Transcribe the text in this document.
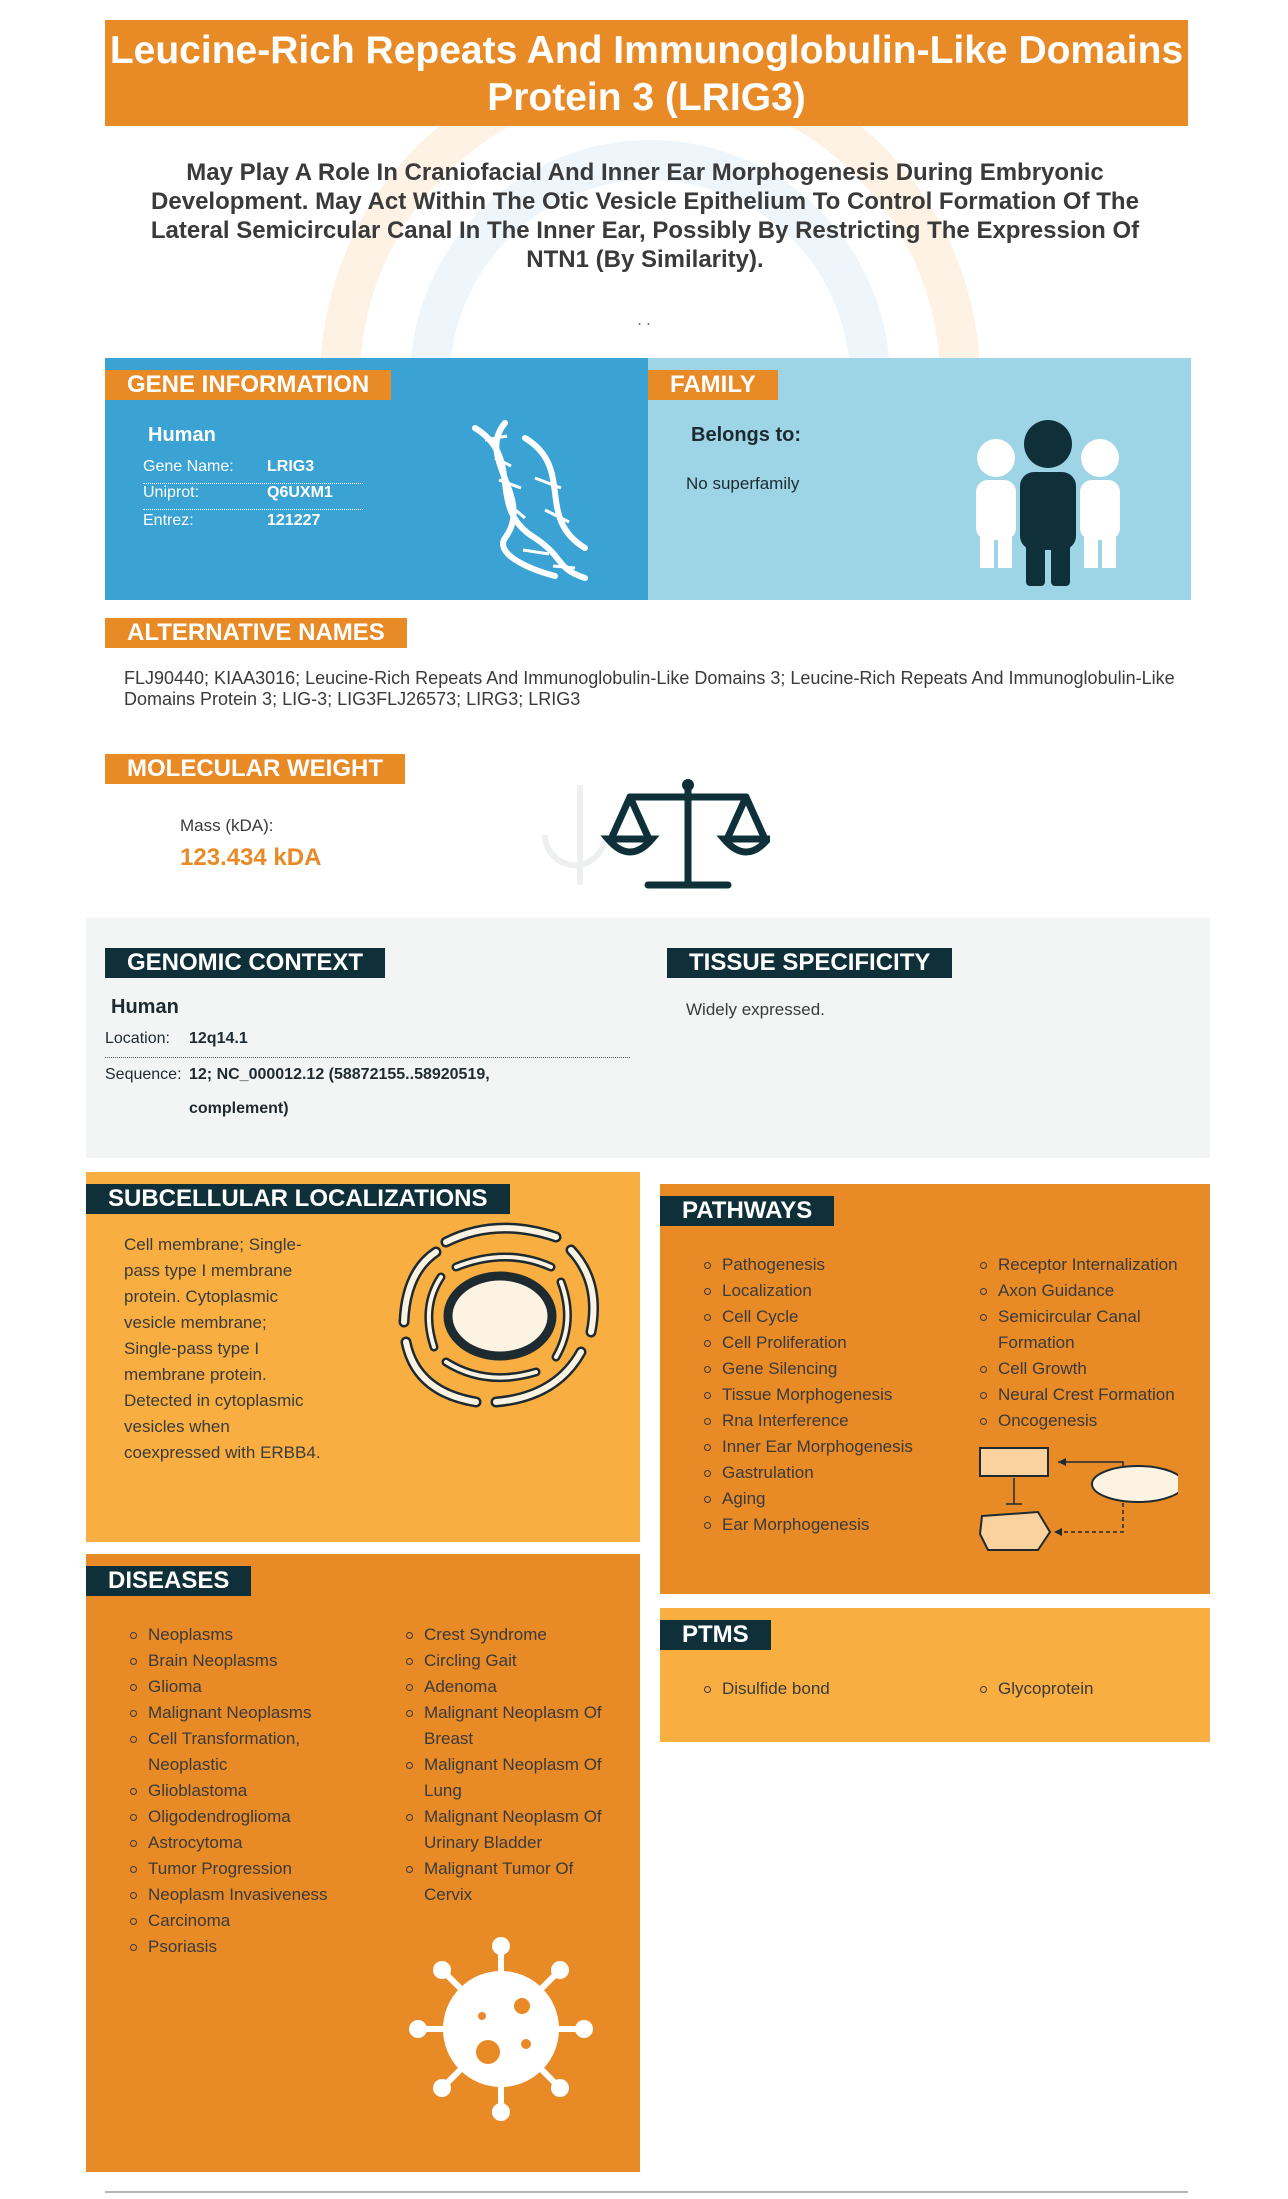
Leucine-Rich Repeats And Immunoglobulin-Like Domains Protein 3 (LRIG3)
May Play A Role In Craniofacial And Inner Ear Morphogenesis During Embryonic Development. May Act Within The Otic Vesicle Epithelium To Control Formation Of The Lateral Semicircular Canal In The Inner Ear, Possibly By Restricting The Expression Of NTN1 (By Similarity).
. .
GENE INFORMATION
Human
Gene Name: LRIG3
Uniprot:	Q6UXM1
Entrez:	121227
FAMILY
Belongs to:
No superfamily
ALTERNATIVE NAMES
FLJ90440; KIAA3016; Leucine-Rich Repeats And Immunoglobulin-Like Domains 3; Leucine-Rich Repeats And Immunoglobulin-Like Domains Protein 3; LIG-3; LIG3FLJ26573; LIRG3; LRIG3
MOLECULAR WEIGHT
Mass (kDA):
123.434 kDA
GENOMIC CONTEXT
Human
Location: 12q14.1
Sequence: 12; NC_000012.12 (58872155..58920519,
complement)
TISSUE SPECIFICITY
Widely expressed.
SUBCELLULAR LOCALIZATIONS
Cell membrane; Single-pass type I membrane protein. Cytoplasmic vesicle membrane; Single-pass type I membrane protein. Detected in cytoplasmic vesicles when coexpressed with ERBB4.
PATHWAYS
Pathogenesis
Localization
Cell Cycle
Cell Proliferation
Gene Silencing
Tissue Morphogenesis
Rna Interference
Inner Ear Morphogenesis
Gastrulation
Aging
Ear Morphogenesis
Receptor Internalization
Axon Guidance
Semicircular Canal Formation
Cell Growth
Neural Crest Formation
Oncogenesis
PTMS
Disulfide bond	Glycoprotein
DISEASES
Neoplasms
Brain Neoplasms
Glioma
Malignant Neoplasms
Cell Transformation, Neoplastic
Glioblastoma
Oligodendroglioma
Astrocytoma
Tumor Progression
Neoplasm Invasiveness
Carcinoma
Psoriasis
Crest Syndrome
Circling Gait
Adenoma
Malignant Neoplasm Of Breast
Malignant Neoplasm Of Lung
Malignant Neoplasm Of Urinary Bladder
Malignant Tumor Of Cervix
